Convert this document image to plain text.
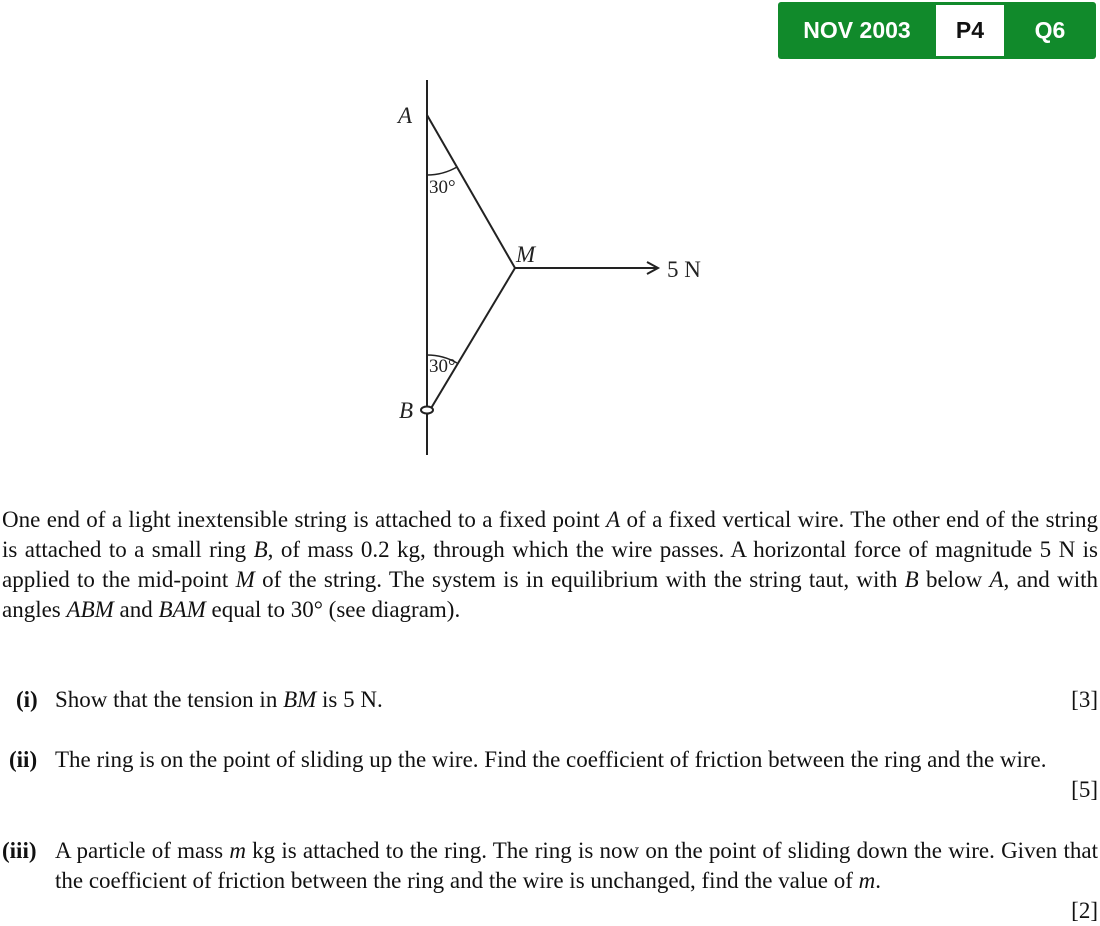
NOV 2003	P4	Q6
A
B
M
30°
30°
5 N

One end of a light inextensible string is attached to a fixed point A of a fixed vertical wire. The other end of the string is attached to a small ring B, of mass 0.2 kg, through which the wire passes. A horizontal force of magnitude 5 N is applied to the mid-point M of the string. The system is in equilibrium with the string taut, with B below A, and with angles ABM and BAM equal to 30° (see diagram).

(i) Show that the tension in BM is 5 N.	[3]
(ii) The ring is on the point of sliding up the wire. Find the coefficient of friction between the ring and the wire.
[5]
(iii) A particle of mass m kg is attached to the ring. The ring is now on the point of sliding down the wire. Given that the coefficient of friction between the ring and the wire is unchanged, find the value of m.
[2]
